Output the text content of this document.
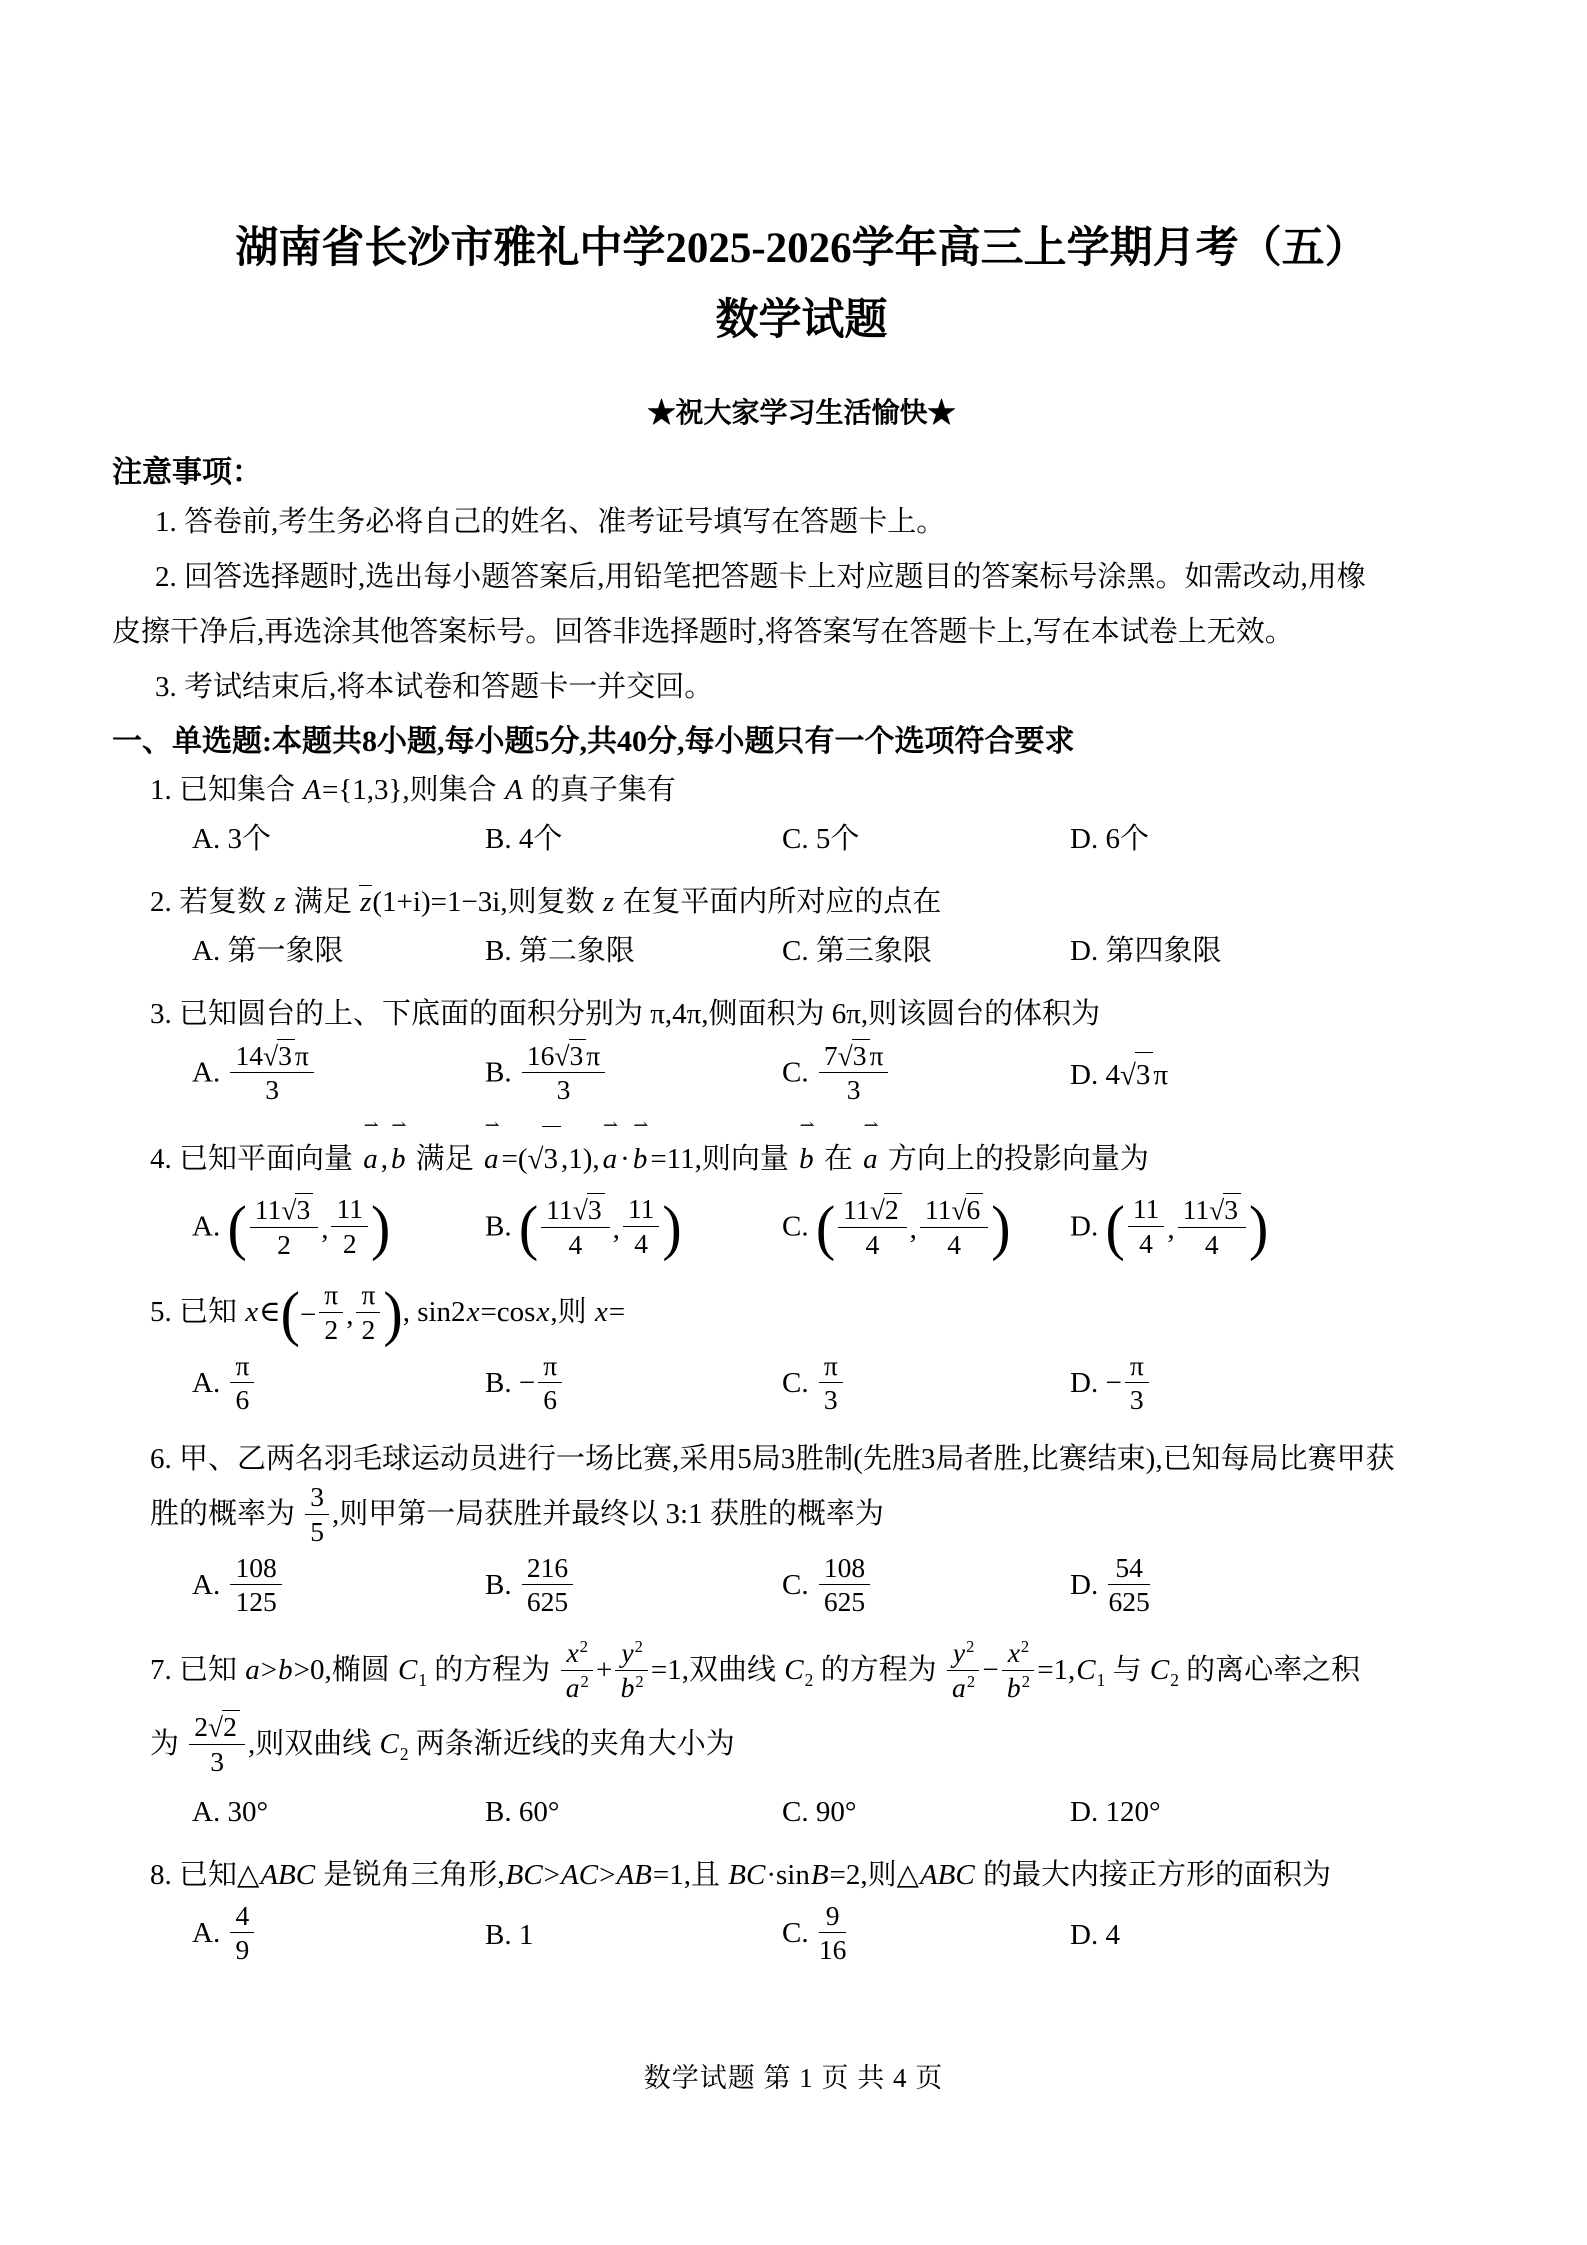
湖南省长沙市雅礼中学2025-2026学年高三上学期月考（五）
数学试题
★祝大家学习生活愉快★
注意事项：
1. 答卷前,考生务必将自己的姓名、准考证号填写在答题卡上。
2. 回答选择题时,选出每小题答案后,用铅笔把答题卡上对应题目的答案标号涂黑。如需改动,用橡
皮擦干净后,再选涂其他答案标号。回答非选择题时,将答案写在答题卡上,写在本试卷上无效。
3. 考试结束后,将本试卷和答题卡一并交回。
一、单选题:本题共8小题,每小题5分,共40分,每小题只有一个选项符合要求
1. 已知集合 A={1,3},则集合 A 的真子集有
A. 3个	B. 4个	C. 5个	D. 6个
2. 若复数 z 满足 z(1+i)=1−3i,则复数 z 在复平面内所对应的点在
A. 第一象限	B. 第二象限	C. 第三象限	D. 第四象限
3. 已知圆台的上、下底面的面积分别为 π,4π,侧面积为 6π,则该圆台的体积为
A. $\frac{14√3 \pi}{3}$	B. $\frac{16√3 \pi}{3}$	C. $\frac{7√3 \pi}{3}$	D. 4√3 π
4. 已知平面向量
⇀
a ,
⇀
b 满足
⇀
a =(√3 ,1),
⇀
a ·
⇀
b =11,则向量
⇀
b 在
⇀
a 方向上的投影向量为
A. ( 11√3
2	,
11
2 )	B. ( 11√3
4	,
11
4 )	C. ( 11√2
4	,
11√6
4 ) D. ( 11
4 ,
11√3
4 )
5. 已知 x∈ ( −
π
2 ,
π
2 ) , sin2x=cosx,则 x=
A. $\frac{\pi}{6}$	B. − $\frac{\pi}{6}$	C. $\frac{\pi}{3}$	D. − $\frac{\pi}{3}$
6. 甲、乙两名羽毛球运动员进行一场比赛,采用5局3胜制(先胜3局者胜,比赛结束),已知每局比赛甲获
胜的概率为 $\frac{3}{5}$ ,则甲第一局获胜并最终以 3:1 获胜的概率为
A. $\frac{108}{125}$	B. $\frac{216}{625}$	C. $\frac{108}{625}$	D. $\frac{54}{625}$
7. 已知 a>b>0,椭圆 $C_1$ 的方程为 $\frac{x^2}{a^2} + \frac{y^2}{b^2} =1$,双曲线 $C_2$ 的方程为 $\frac{y^2}{a^2} - \frac{x^2}{b^2} =1,C_1$ 与 $C_2$ 的离心率之积
为 $\frac{2√2}{3}$ ,则双曲线 $C_2$ 两条渐近线的夹角大小为
A. 30°	B. 60°	C. 90°	D. 120°
8. 已知△ABC 是锐角三角形,BC>AC>AB=1,且 BC·sinB=2,则△ABC 的最大内接正方形的面积为
A. $\frac{4}{9}$	B. 1	C. $\frac{9}{16}$	D. 4
数学试题 第 1 页 共 4 页
